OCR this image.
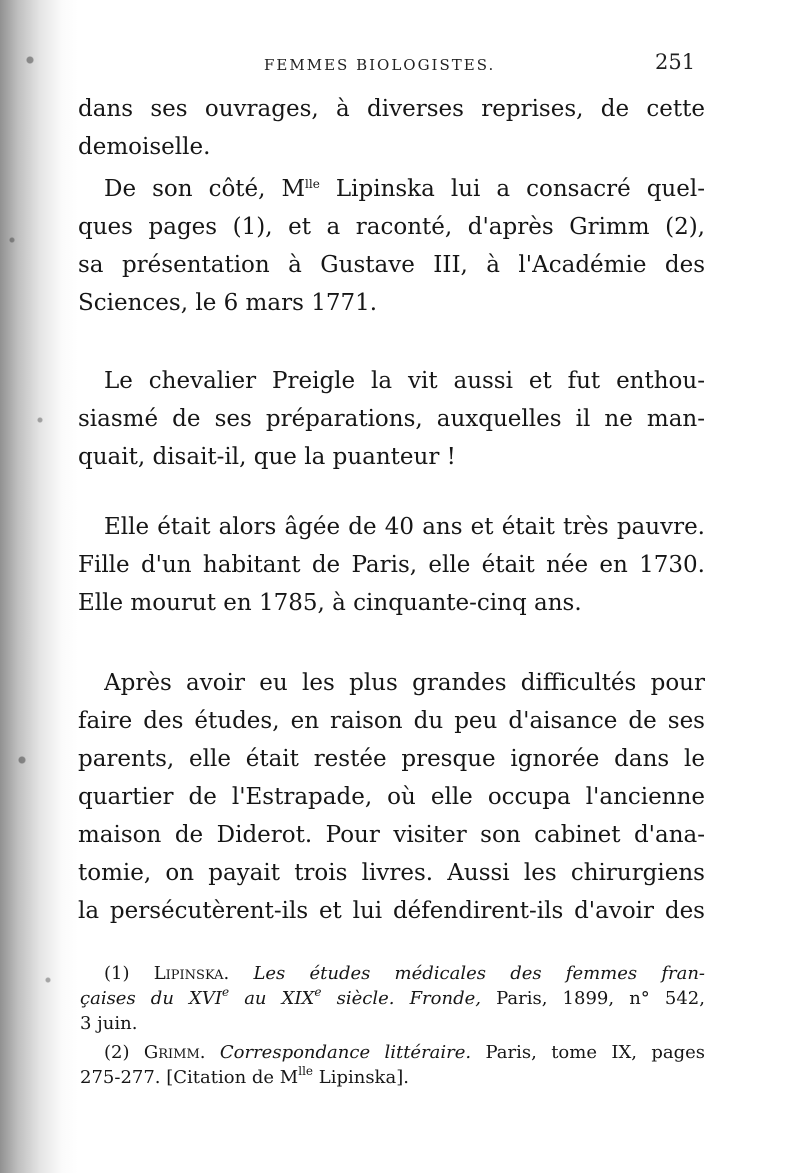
FEMMES BIOLOGISTES.	251

dans ses ouvrages, à diverses reprises, de cette

demoiselle.

De son côté, $M^{lle}$ Lipinska lui a consacré quel-

ques pages (1), et a raconté, d'après Grimm (2),

sa présentation à Gustave III, à l'Académie des

Sciences, le 6 mars 1771.

Le chevalier Preigle la vit aussi et fut enthou-

siasmé de ses préparations, auxquelles il ne man-

quait, disait-il, que la puanteur !

Elle était alors âgée de 40 ans et était très pauvre.

Fille d'un habitant de Paris, elle était née en 1730.

Elle mourut en 1785, à cinquante-cinq ans.

Après avoir eu les plus grandes difficultés pour

faire des études, en raison du peu d'aisance de ses

parents, elle était restée presque ignorée dans le

quartier de l'Estrapade, où elle occupa l'ancienne

maison de Diderot. Pour visiter son cabinet d'ana-

tomie, on payait trois livres. Aussi les chirurgiens

la persécutèrent-ils et lui défendirent-ils d'avoir des

(1) Lipinska. Les études médicales des femmes fran-

çaises du XVIe au XIXe siècle. Fronde, Paris, 1899, n° 542,

3 juin.

(2) Grimm. Correspondance littéraire. Paris, tome IX, pages

275-277. [Citation de $M^{lle}$ Lipinska].
